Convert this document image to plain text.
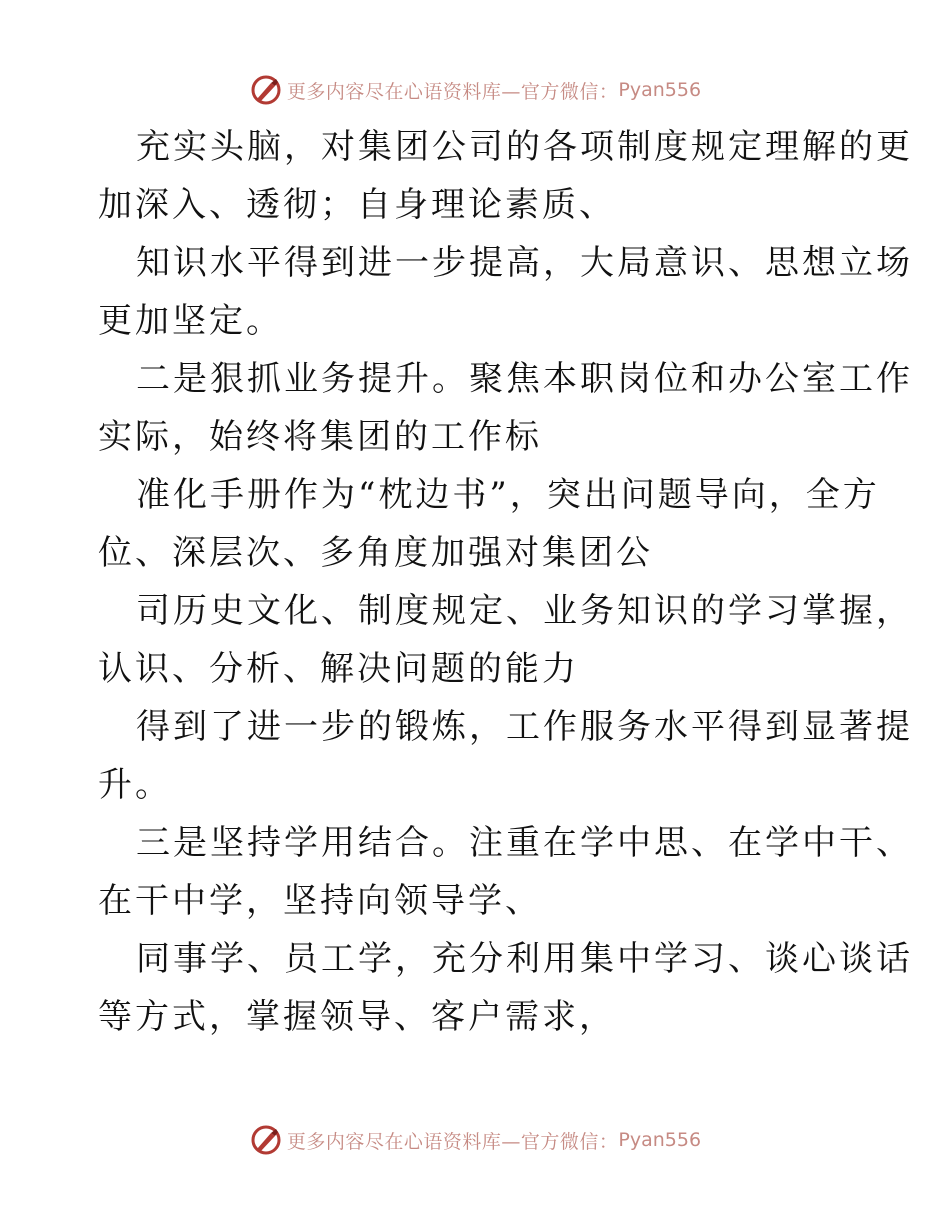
更多内容尽在心语资料库—官方微信： Pyan556
充实头脑，对集团公司的各项制度规定理解的更
加深入、透彻；自身理论素质、
知识水平得到进一步提高，大局意识、思想立场
更加坚定。
二是狠抓业务提升。聚焦本职岗位和办公室工作
实际，始终将集团的工作标
准化手册作为“枕边书”，突出问题导向，全方
位、深层次、多角度加强对集团公
司历史文化、制度规定、业务知识的学习掌握，
认识、分析、解决问题的能力
得到了进一步的锻炼，工作服务水平得到显著提
升。
三是坚持学用结合。注重在学中思、在学中干、
在干中学，坚持向领导学、
同事学、员工学，充分利用集中学习、谈心谈话
等方式，掌握领导、客户需求，
更多内容尽在心语资料库—官方微信： Pyan556
